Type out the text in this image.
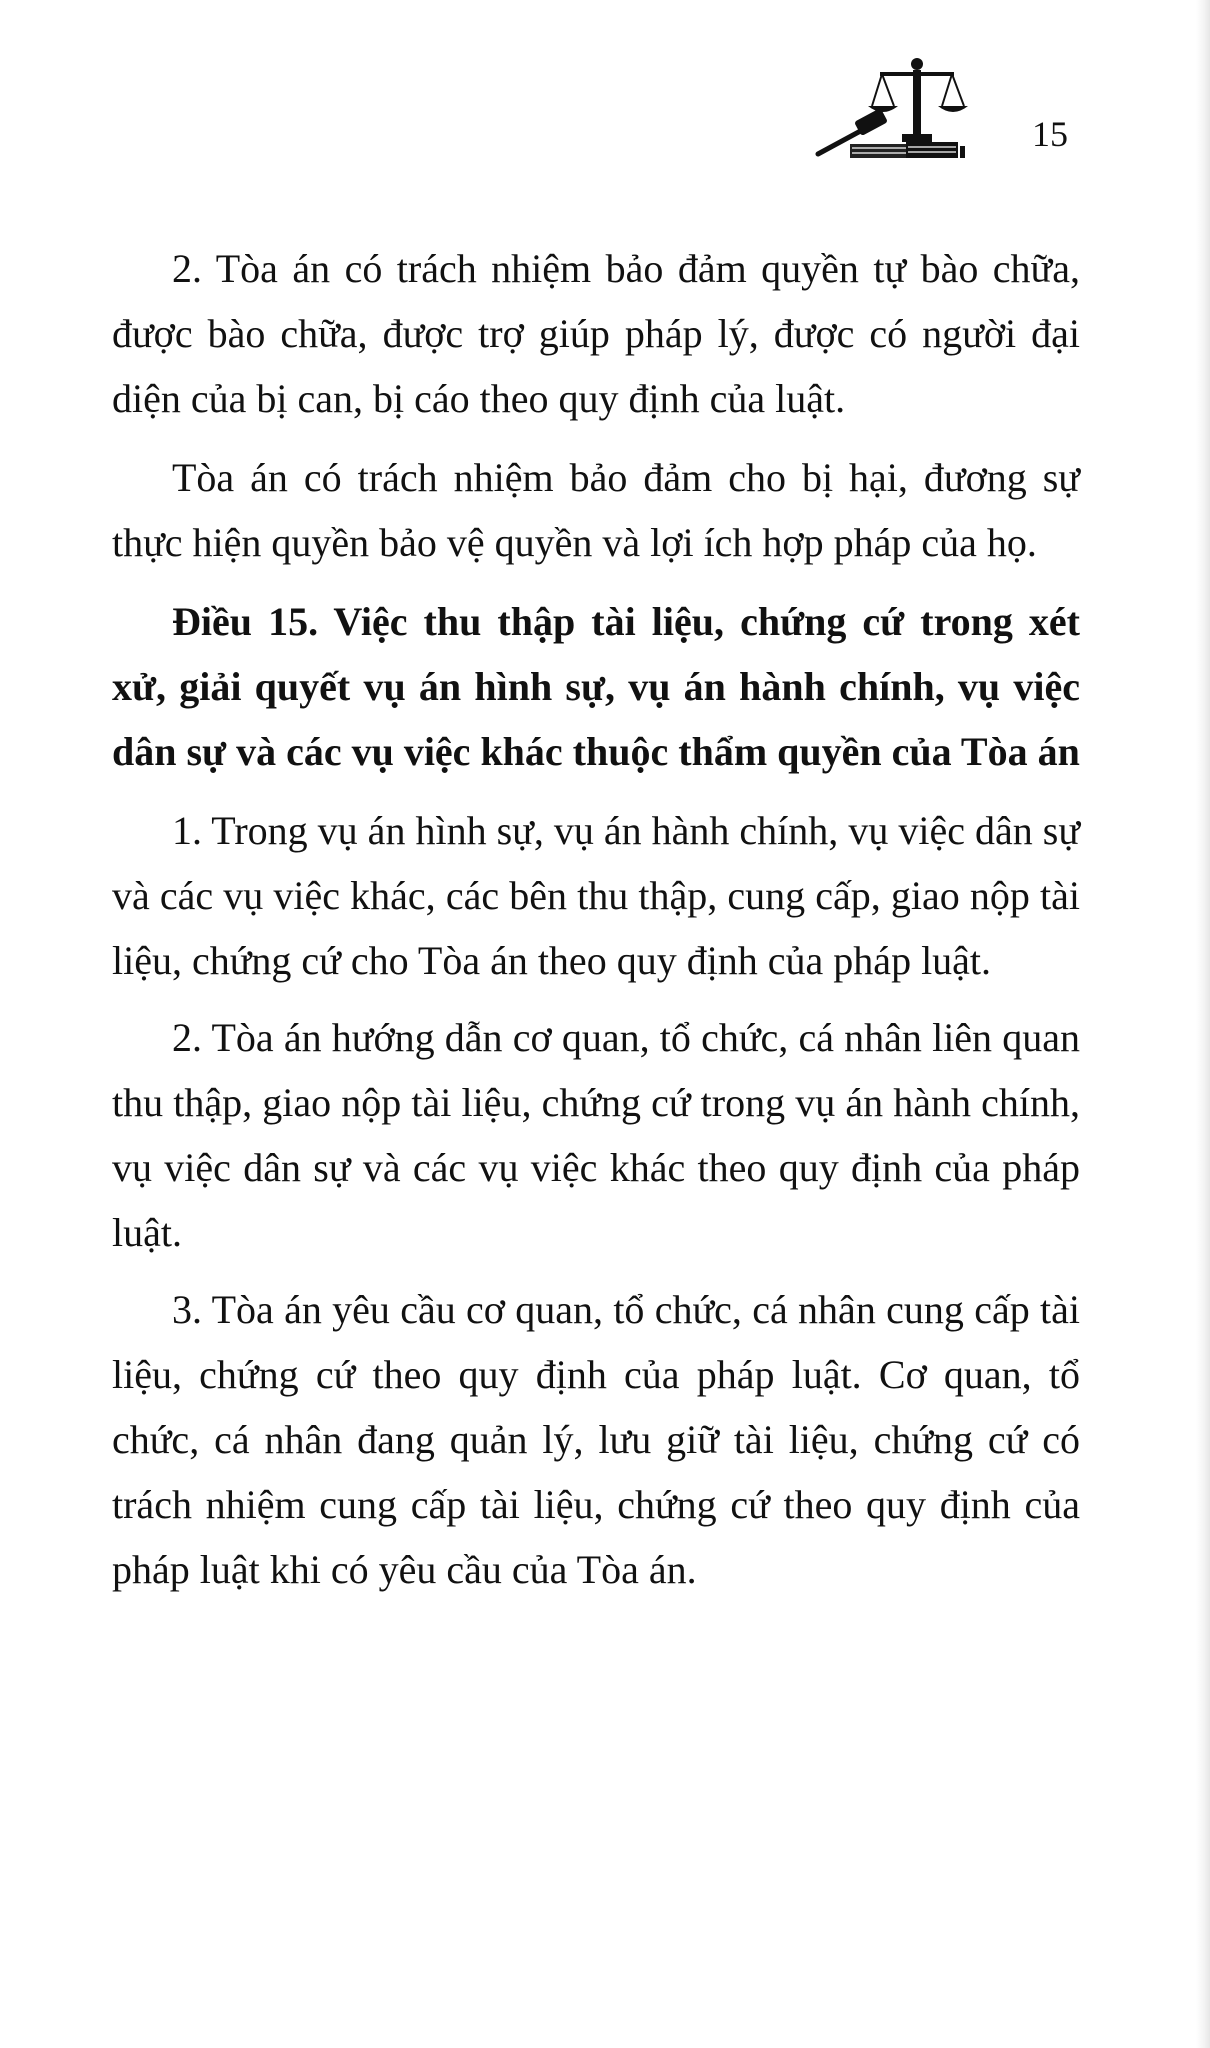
15

2. Tòa án có trách nhiệm bảo đảm quyền tự bào chữa, được bào chữa, được trợ giúp pháp lý, được có người đại diện của bị can, bị cáo theo quy định của luật.

Tòa án có trách nhiệm bảo đảm cho bị hại, đương sự thực hiện quyền bảo vệ quyền và lợi ích hợp pháp của họ.

Điều 15. Việc thu thập tài liệu, chứng cứ trong xét xử, giải quyết vụ án hình sự, vụ án hành chính, vụ việc dân sự và các vụ việc khác thuộc thẩm quyền của Tòa án

1. Trong vụ án hình sự, vụ án hành chính, vụ việc dân sự và các vụ việc khác, các bên thu thập, cung cấp, giao nộp tài liệu, chứng cứ cho Tòa án theo quy định của pháp luật.

2. Tòa án hướng dẫn cơ quan, tổ chức, cá nhân liên quan thu thập, giao nộp tài liệu, chứng cứ trong vụ án hành chính, vụ việc dân sự và các vụ việc khác theo quy định của pháp luật.

3. Tòa án yêu cầu cơ quan, tổ chức, cá nhân cung cấp tài liệu, chứng cứ theo quy định của pháp luật. Cơ quan, tổ chức, cá nhân đang quản lý, lưu giữ tài liệu, chứng cứ có trách nhiệm cung cấp tài liệu, chứng cứ theo quy định của pháp luật khi có yêu cầu của Tòa án.
